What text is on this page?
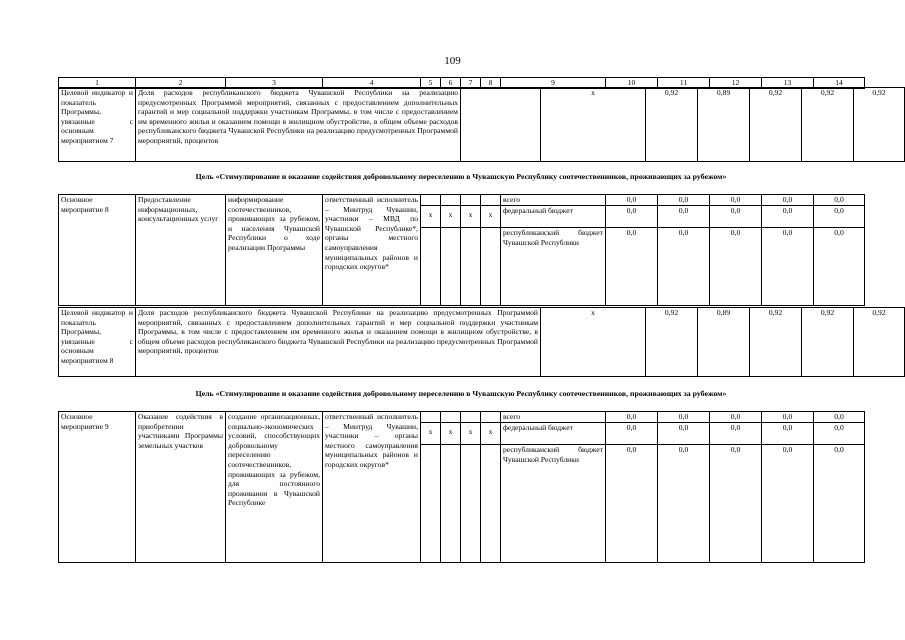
109
1	2	3	4	5	6	7	8	9	10	11	12	13	14
Целевой индикатор и показатель Программы, увязанные с основным мероприятием 7	Доля расходов республиканского бюджета Чувашской Республики на реализацию предусмотренных Программой мероприятий, связанных с предоставлением дополнительных гарантий и мер социальной поддержки участникам Программы, в том числе с предоставлением им временного жилья и оказанием помощи в жилищном обустройстве, в общем объеме расходов республиканского бюджета Чувашской Республики на реализацию предусмотренных Программой мероприятий, процентов		х	0,92	0,89	0,92	0,92	0,92
Цель «Стимулирование и оказание содействия добровольному переселению в Чувашскую Республику соотечественников, проживающих за рубежом»
Основное мероприятие 8	Предоставление информационных, консультационных услуг	информирование соотечественников, проживающих за рубежом, и населения Чувашской Республики о ходе реализации Программы	ответственный исполнитель – Минтруд Чувашии, участники – МВД по Чувашской Республике*, органы местного самоуправления муниципальных районов и городских округов*					всего	0,0	0,0	0,0	0,0	0,0
				х	х	х	х	федеральный бюджет	0,0	0,0	0,0	0,0	0,0
								республиканский бюджет Чувашской Республики	0,0	0,0	0,0	0,0	0,0
Целевой индикатор и показатель Программы, увязанные с основным мероприятием 8	Доля расходов республиканского бюджета Чувашской Республики на реализацию предусмотренных Программой мероприятий, связанных с предоставлением дополнительных гарантий и мер социальной поддержки участникам Программы, в том числе с предоставлением им временного жилья и оказанием помощи в жилищном обустройстве, в общем объеме расходов республиканского бюджета Чувашской Республики на реализацию предусмотренных Программой мероприятий, процентов	х	0,92	0,89	0,92	0,92	0,92
Цель «Стимулирование и оказание содействия добровольному переселению в Чувашскую Республику соотечественников, проживающих за рубежом»
Основное мероприятие 9	Оказание содействия в приобретении участниками Программы земельных участков	создание организационных, социально-экономических условий, способствующих добровольному переселению соотечественников, проживающих за рубежом, для постоянного проживания в Чувашской Республике	ответственный исполнитель – Минтруд Чувашии, участники – органы местного самоуправления муниципальных районов и городских округов*					всего	0,0	0,0	0,0	0,0	0,0
				х	х	х	х	федеральный бюджет	0,0	0,0	0,0	0,0	0,0
								республиканский бюджет Чувашской Республики	0,0	0,0	0,0	0,0	0,0
